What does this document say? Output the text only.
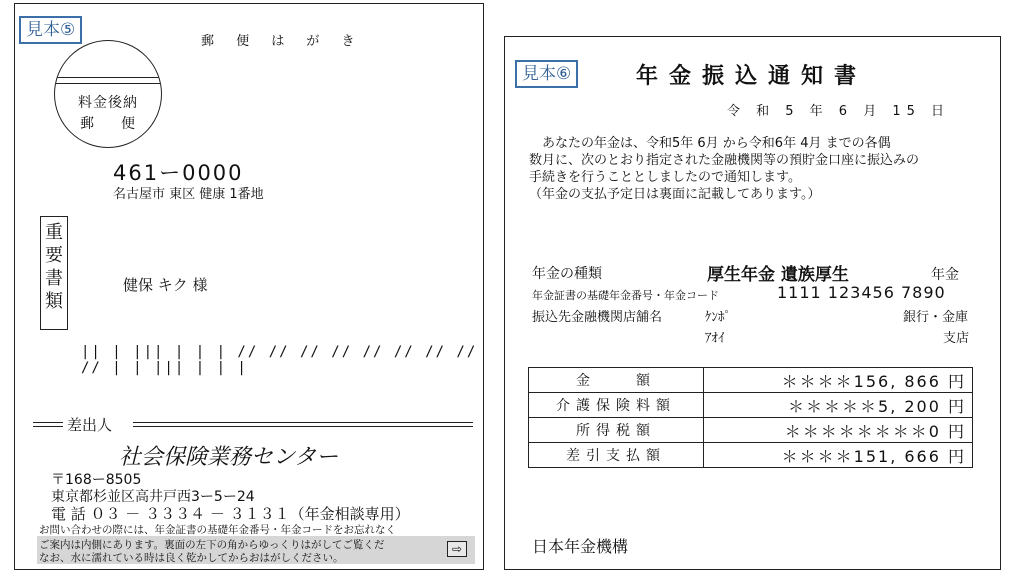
見本⑤
郵 便 は が き
料金後納
郵 　 便
461ー0000
名古屋市 東区 健康 1番地
重
要
書
類
健保 キク 様
|| | ||| | | | // // // // // // // // // | | ||| | | |
差出人
社会保険業務センター
〒168ー8505
東京都杉並区高井戸西3ー5ー24
電 話 ０３ － ３３３４ － ３１３１（年金相談専用）
お問い合わせの際には、年金証書の基礎年金番号・年金コードをお忘れなく
ご案内は内側にあります。裏面の左下の角からゆっくりはがしてご覧くだ
なお、水に濡れている時は良く乾かしてからおはがしください。
⇨
見本⑥	年金振込通知書
令 和 5 年 6 月 15 日
あなたの年金は、令和5年 6月 から令和6年 4月 までの各偶
数月に、次のとおり指定された金融機関等の預貯金口座に振込みの
手続きを行うこととしましたので通知します。
（年金の支払予定日は裏面に記載してあります。）
年金の種類	厚生年金 遺族厚生	年金
年金証書の基礎年金番号・年金コード	1111 123456 7890
振込先金融機関店舗名	ｹﾝﾎﾟ	銀行・金庫
ｱｵｲ	支店
金　　額	＊＊＊＊156, 866 円
介護保険料額	＊＊＊＊＊5, 200 円
所得税額	＊＊＊＊＊＊＊＊0 円
差引支払額	＊＊＊＊151, 666 円
日本年金機構
